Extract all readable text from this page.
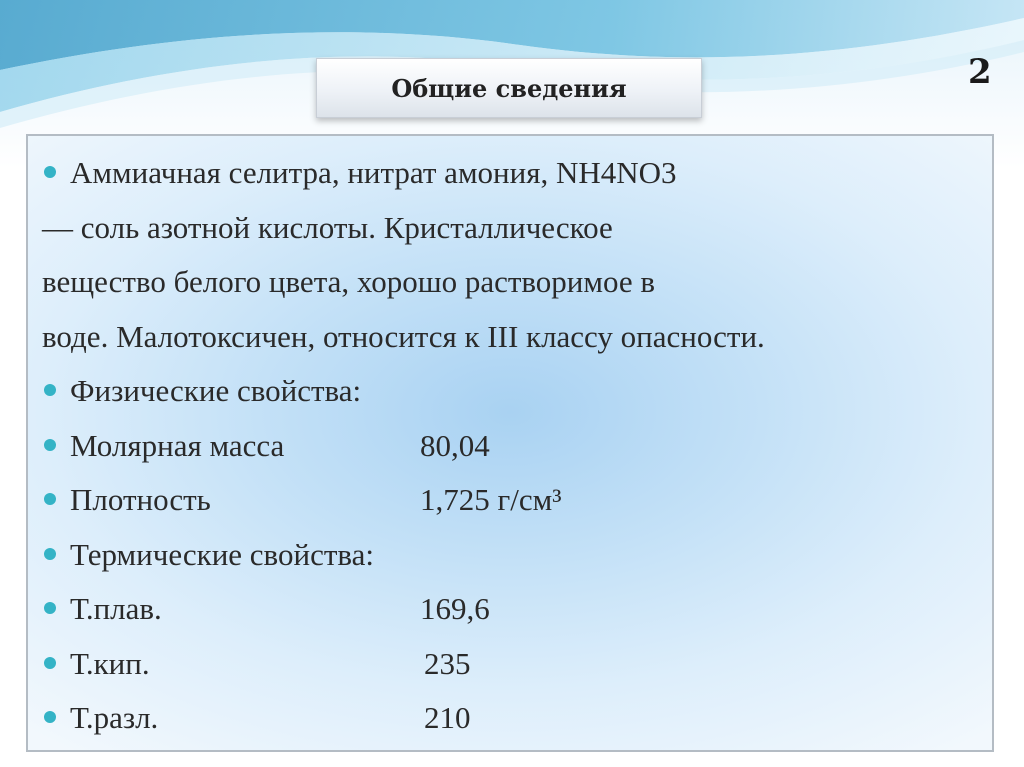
Общие сведения	2
Аммиачная селитра, нитрат амония, NH4NO3
— соль азотной кислоты. Кристаллическое
вещество белого цвета, хорошо растворимое в
воде. Малотоксичен, относится к III классу опасности.
Физические свойства:
Молярная масса	80,04
Плотность	1,725 г/см³
Термические свойства:
Т.плав.	169,6
Т.кип.	235
Т.разл.	210
